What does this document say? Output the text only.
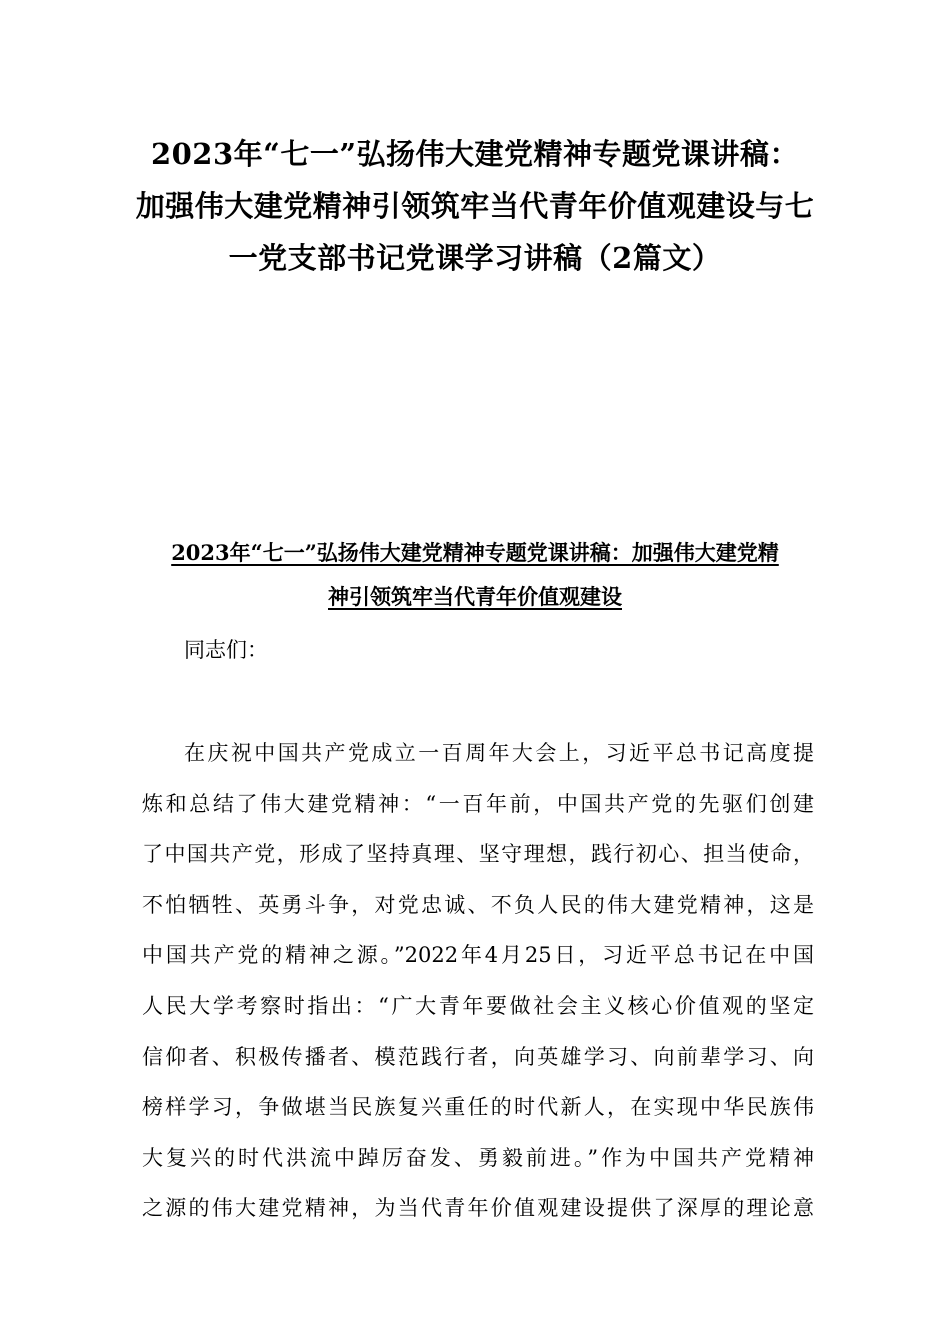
2023年“七一”弘扬伟大建党精神专题党课讲稿：
加强伟大建党精神引领筑牢当代青年价值观建设与七
一党支部书记党课学习讲稿（2篇文）
2023年“七一”弘扬伟大建党精神专题党课讲稿：加强伟大建党精
神引领筑牢当代青年价值观建设

同志们：

在庆祝中国共产党成立一百周年大会上，习近平总书记高度提
炼和总结了伟大建党精神：“一百年前，中国共产党的先驱们创建
了中国共产党，形成了坚持真理、坚守理想，践行初心、担当使命，
不怕牺牲、英勇斗争，对党忠诚、不负人民的伟大建党精神，这是
中国共产党的精神之源。”2022年4月25日，习近平总书记在中国
人民大学考察时指出：“广大青年要做社会主义核心价值观的坚定
信仰者、积极传播者、模范践行者，向英雄学习、向前辈学习、向
榜样学习，争做堪当民族复兴重任的时代新人，在实现中华民族伟
大复兴的时代洪流中踔厉奋发、勇毅前进。”作为中国共产党精神
之源的伟大建党精神，为当代青年价值观建设提供了深厚的理论意
